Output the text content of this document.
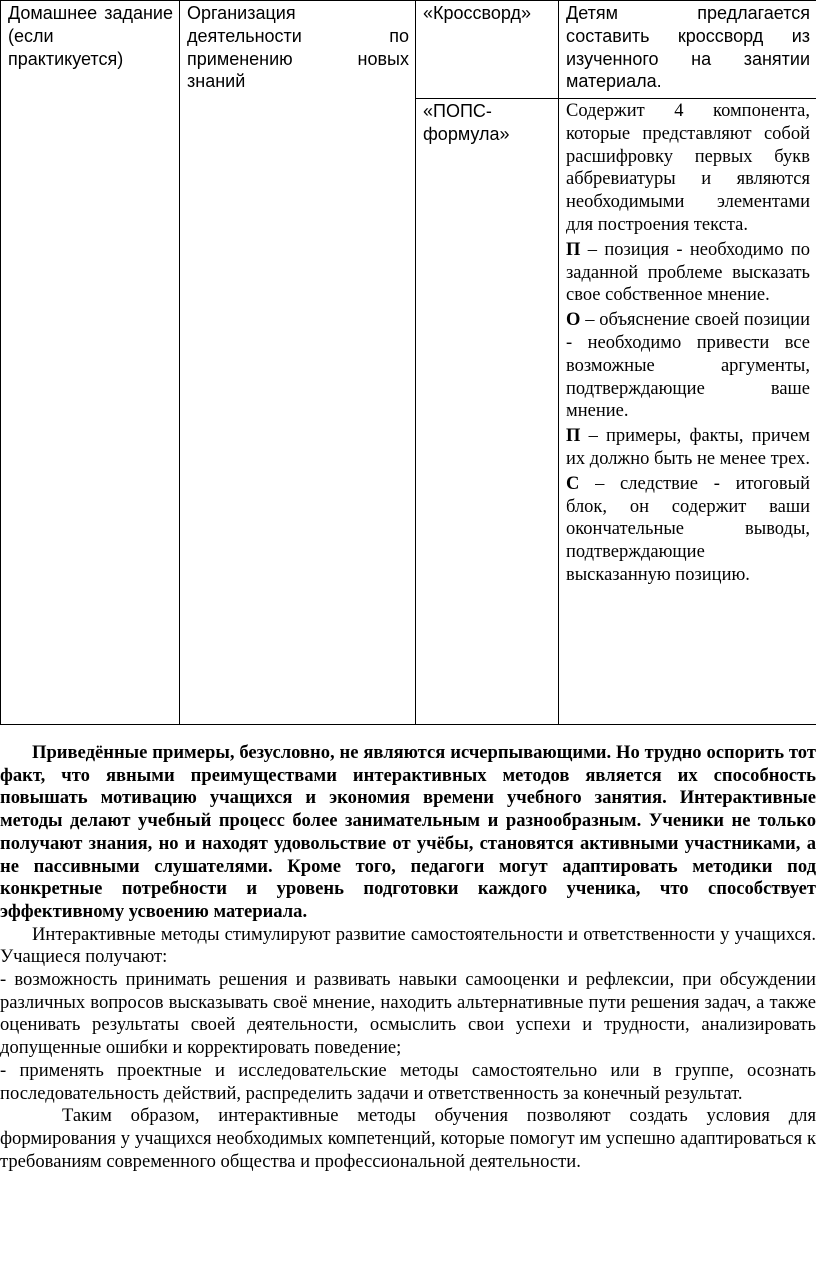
Домашнее задание (если практикуется)	Организация деятельности по применению новых знаний	«Кроссворд»	Детям предлагается составить кроссворд из изученного на занятии материала.
		«ПОПС-формула»	Содержит 4 компонента, которые представляют собой расшифровку первых букв аббревиатуры и являются необходимыми элементами для построения текста.

П – позиция - необходимо по заданной проблеме высказать свое собственное мнение.

О – объяснение своей позиции - необходимо привести все возможные аргументы, подтверждающие ваше мнение.

П – примеры, факты, причем их должно быть не менее трех.

С – следствие - итоговый блок, он содержит ваши окончательные выводы, подтверждающие высказанную позицию.

Приведённые примеры, безусловно, не являются исчерпывающими. Но трудно оспорить тот факт, что явными преимуществами интерактивных методов является их способность повышать мотивацию учащихся и экономия времени учебного занятия. Интерактивные методы делают учебный процесс более занимательным и разнообразным. Ученики не только получают знания, но и находят удовольствие от учёбы, становятся активными участниками, а не пассивными слушателями. Кроме того, педагоги могут адаптировать методики под конкретные потребности и уровень подготовки каждого ученика, что способствует эффективному усвоению материала.

Интерактивные методы стимулируют развитие самостоятельности и ответственности у учащихся. Учащиеся получают:

- возможность принимать решения и развивать навыки самооценки и рефлексии, при обсуждении различных вопросов высказывать своё мнение, находить альтернативные пути решения задач, а также оценивать результаты своей деятельности, осмыслить свои успехи и трудности, анализировать допущенные ошибки и корректировать поведение;

- применять проектные и исследовательские методы самостоятельно или в группе, осознать последовательность действий, распределить задачи и ответственность за конечный результат.

Таким образом, интерактивные методы обучения позволяют создать условия для формирования у учащихся необходимых компетенций, которые помогут им успешно адаптироваться к требованиям современного общества и профессиональной деятельности.
